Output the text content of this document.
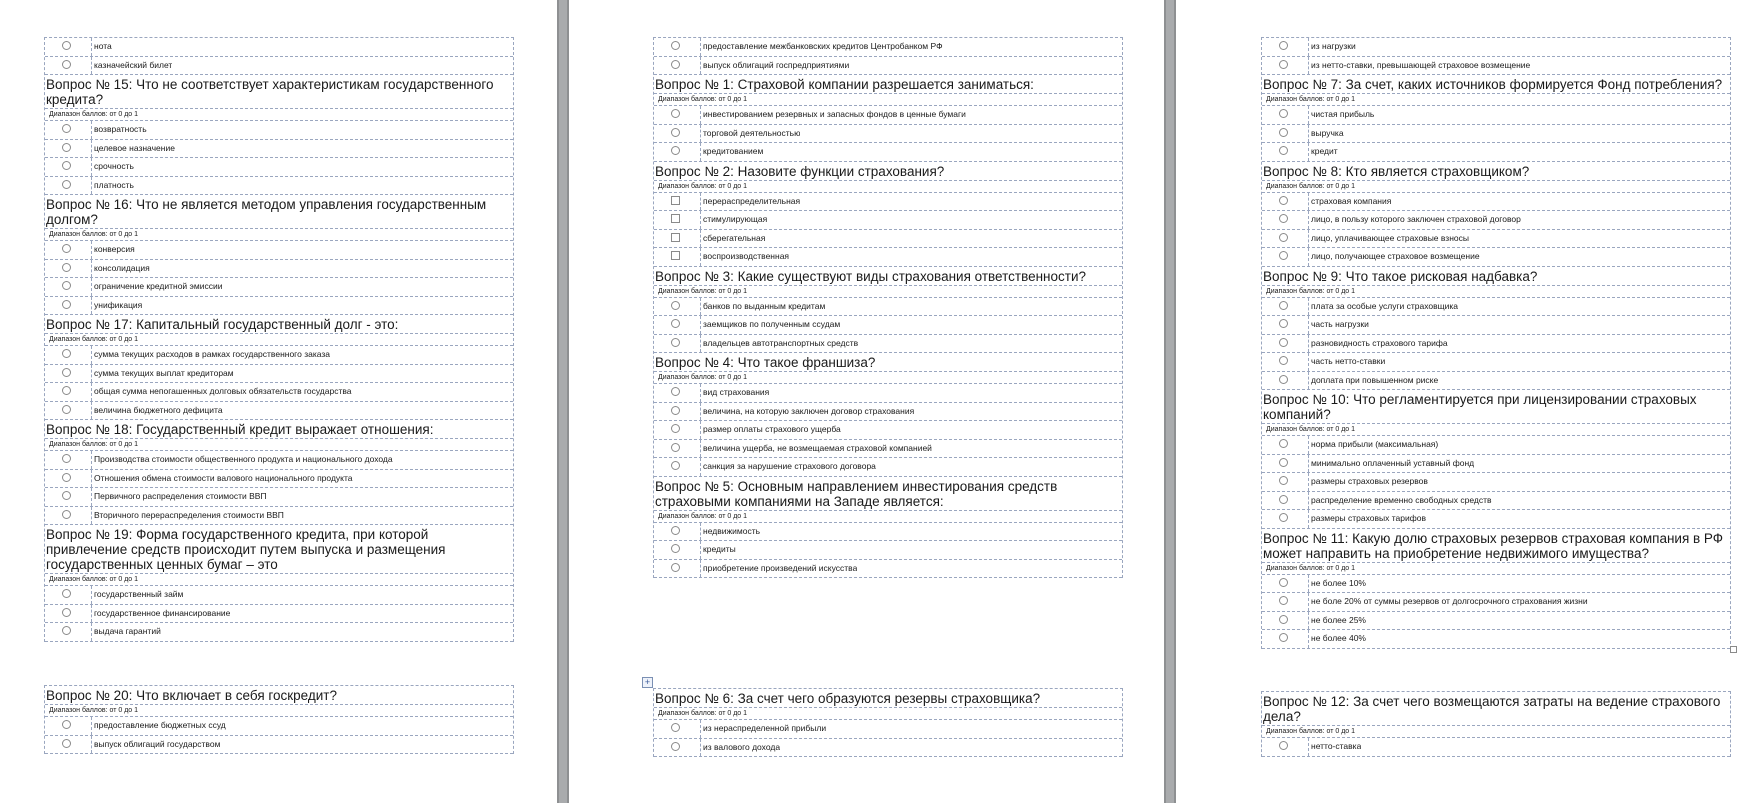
нота
казначейский билет
Вопрос № 15: Что не соответствует характеристикам государственного кредита?
Диапазон баллов: от 0 до 1
возвратность
целевое назначение
срочность
платность
Вопрос № 16: Что не является методом управления государственным долгом?
Диапазон баллов: от 0 до 1
конверсия
консолидация
ограничение кредитной эмиссии
унификация
Вопрос № 17: Капитальный государственный долг - это:
Диапазон баллов: от 0 до 1
сумма текущих расходов в рамках государственного заказа
сумма текущих выплат кредиторам
общая сумма непогашенных долговых обязательств государства
величина бюджетного дефицита
Вопрос № 18: Государственный кредит выражает отношения:
Диапазон баллов: от 0 до 1
Производства стоимости общественного продукта и национального дохода
Отношения обмена стоимости валового национального продукта
Первичного распределения стоимости ВВП
Вторичного перераспределения стоимости ВВП
Вопрос № 19: Форма государственного кредита, при которой привлечение средств происходит путем выпуска и размещения государственных ценных бумаг – это
Диапазон баллов: от 0 до 1
государственный займ
государственное финансирование
выдача гарантий
Вопрос № 20: Что включает в себя госкредит?
Диапазон баллов: от 0 до 1
предоставление бюджетных ссуд
выпуск облигаций государством
предоставление межбанковских кредитов Центробанком РФ
выпуск облигаций госпредприятиями
Вопрос № 1: Страховой компании разрешается заниматься:
Диапазон баллов: от 0 до 1
инвестированием резервных и запасных фондов в ценные бумаги
торговой деятельностью
кредитованием
Вопрос № 2: Назовите функции страхования?
Диапазон баллов: от 0 до 1
перераспределительная
стимулирующая
сберегательная
воспроизводственная
Вопрос № 3: Какие существуют виды страхования ответственности?
Диапазон баллов: от 0 до 1
банков по выданным кредитам
заемщиков по полученным ссудам
владельцев автотранспортных средств
Вопрос № 4: Что такое франшиза?
Диапазон баллов: от 0 до 1
вид страхования
величина, на которую заключен договор страхования
размер оплаты страхового ущерба
величина ущерба, не возмещаемая страховой компанией
санкция за нарушение страхового договора
Вопрос № 5: Основным направлением инвестирования средств страховыми компаниями на Западе является:
Диапазон баллов: от 0 до 1
недвижимость
кредиты
приобретение произведений искусства
+
Вопрос № 6: За счет чего образуются резервы страховщика?
Диапазон баллов: от 0 до 1
из нераспределенной прибыли
из валового дохода
из нагрузки
из нетто-ставки, превышающей страховое возмещение
Вопрос № 7: За счет, каких источников формируется Фонд потребления?
Диапазон баллов: от 0 до 1
чистая прибыль
выручка
кредит
Вопрос № 8: Кто является страховщиком?
Диапазон баллов: от 0 до 1
страховая компания
лицо, в пользу которого заключен страховой договор
лицо, уплачивающее страховые взносы
лицо, получающее страховое возмещение
Вопрос № 9: Что такое рисковая надбавка?
Диапазон баллов: от 0 до 1
плата за особые услуги страховщика
часть нагрузки
разновидность страхового тарифа
часть нетто-ставки
доплата при повышенном риске
Вопрос № 10: Что регламентируется при лицензировании страховых компаний?
Диапазон баллов: от 0 до 1
норма прибыли (максимальная)
минимально оплаченный уставный фонд
размеры страховых резервов
распределение временно свободных средств
размеры страховых тарифов
Вопрос № 11: Какую долю страховых резервов страховая компания в РФ может направить на приобретение недвижимого имущества?
Диапазон баллов: от 0 до 1
не более 10%
не боле 20% от суммы резервов от долгосрочного страхования жизни
не более 25%
не более 40%
Вопрос № 12: За счет чего возмещаются затраты на ведение страхового дела?
Диапазон баллов: от 0 до 1
нетто-ставка
